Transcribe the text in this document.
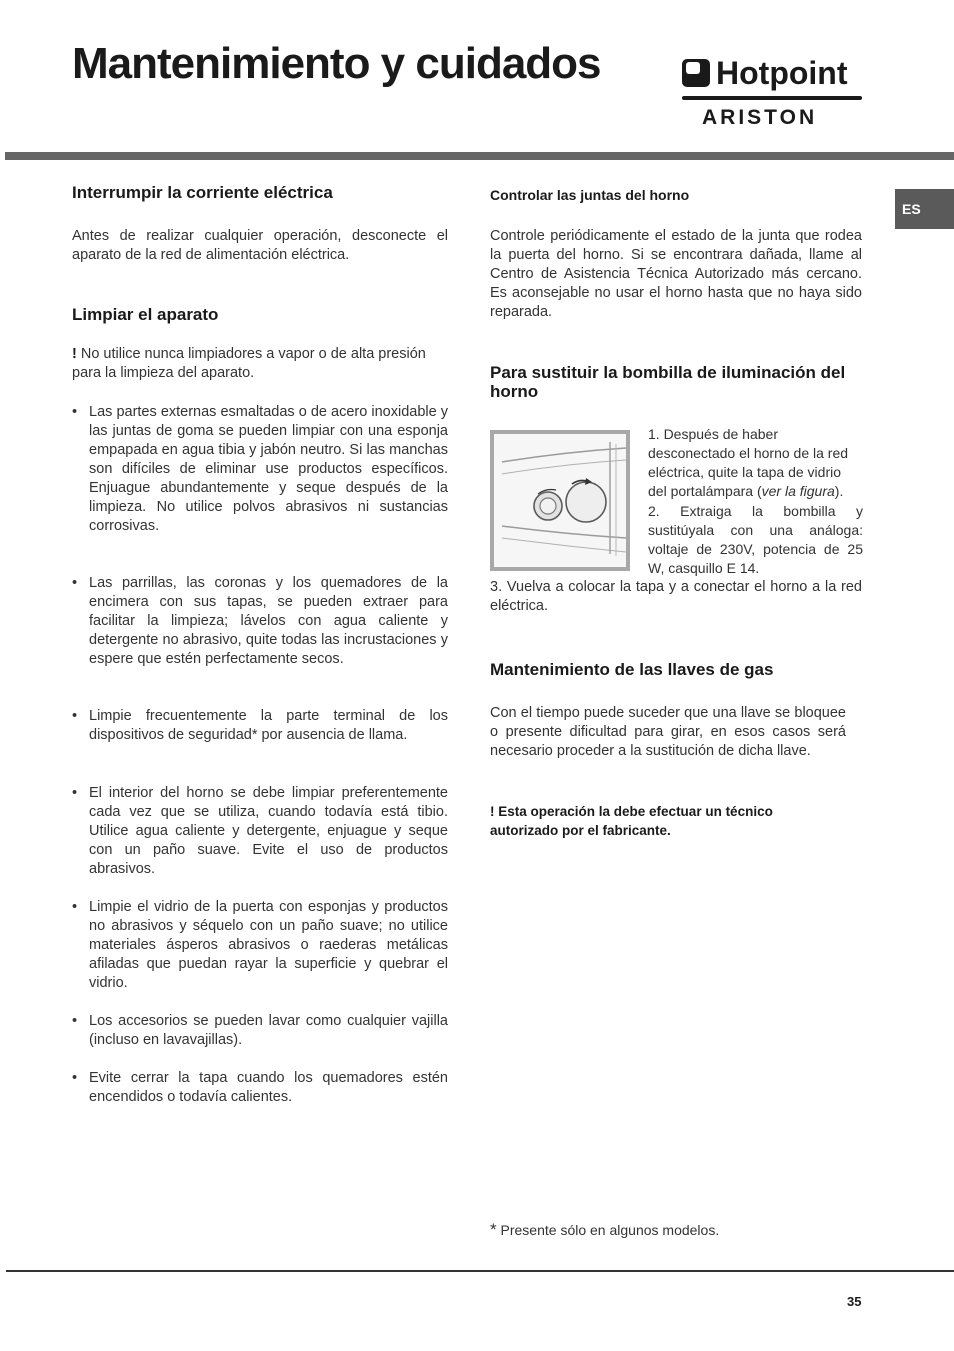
Mantenimiento y cuidados	Hotpoint
ARISTON
ES
Interrumpir la corriente eléctrica

Antes de realizar cualquier operación, desconecte el aparato de la red de alimentación eléctrica.

Limpiar el aparato

! No utilice nunca limpiadores a vapor o de alta presión para la limpieza del aparato.

• Las partes externas esmaltadas o de acero inoxidable y las juntas de goma se pueden limpiar con una esponja empapada en agua tibia y jabón neutro. Si las manchas son difíciles de eliminar use productos específicos. Enjuague abundantemente y seque después de la limpieza. No utilice polvos abrasivos ni sustancias corrosivas.
• Las parrillas, las coronas y los quemadores de la encimera con sus tapas, se pueden extraer para facilitar la limpieza; lávelos con agua caliente y detergente no abrasivo, quite todas las incrustaciones y espere que estén perfectamente secos.
• Limpie frecuentemente la parte terminal de los dispositivos de seguridad* por ausencia de llama.
• El interior del horno se debe limpiar preferentemente cada vez que se utiliza, cuando todavía está tibio. Utilice agua caliente y detergente, enjuague y seque con un paño suave. Evite el uso de productos abrasivos.
• Limpie el vidrio de la puerta con esponjas y productos no abrasivos y séquelo con un paño suave; no utilice materiales ásperos abrasivos o raederas metálicas afiladas que puedan rayar la superficie y quebrar el vidrio.
• Los accesorios se pueden lavar como cualquier vajilla (incluso en lavavajillas).
• Evite cerrar la tapa cuando los quemadores estén encendidos o todavía calientes.
Controlar las juntas del horno

Controle periódicamente el estado de la junta que rodea la puerta del horno. Si se encontrara dañada, llame al Centro de Asistencia Técnica Autorizado más cercano. Es aconsejable no usar el horno hasta que no haya sido reparada.

Para sustituir la bombilla de iluminación del horno

1. Después de haber desconectado el horno de la red eléctrica, quite la tapa de vidrio del portalámpara (ver la figura).

2. Extraiga la bombilla y sustitúyala con una análoga: voltaje de 230V, potencia de 25 W, casquillo E 14.

3. Vuelva a colocar la tapa y a conectar el horno a la red eléctrica.

Mantenimiento de las llaves de gas

Con el tiempo puede suceder que una llave se bloquee o presente dificultad para girar, en esos casos será necesario proceder a la sustitución de dicha llave.

! Esta operación la debe efectuar un técnico autorizado por el fabricante.

* Presente sólo en algunos modelos.

35
